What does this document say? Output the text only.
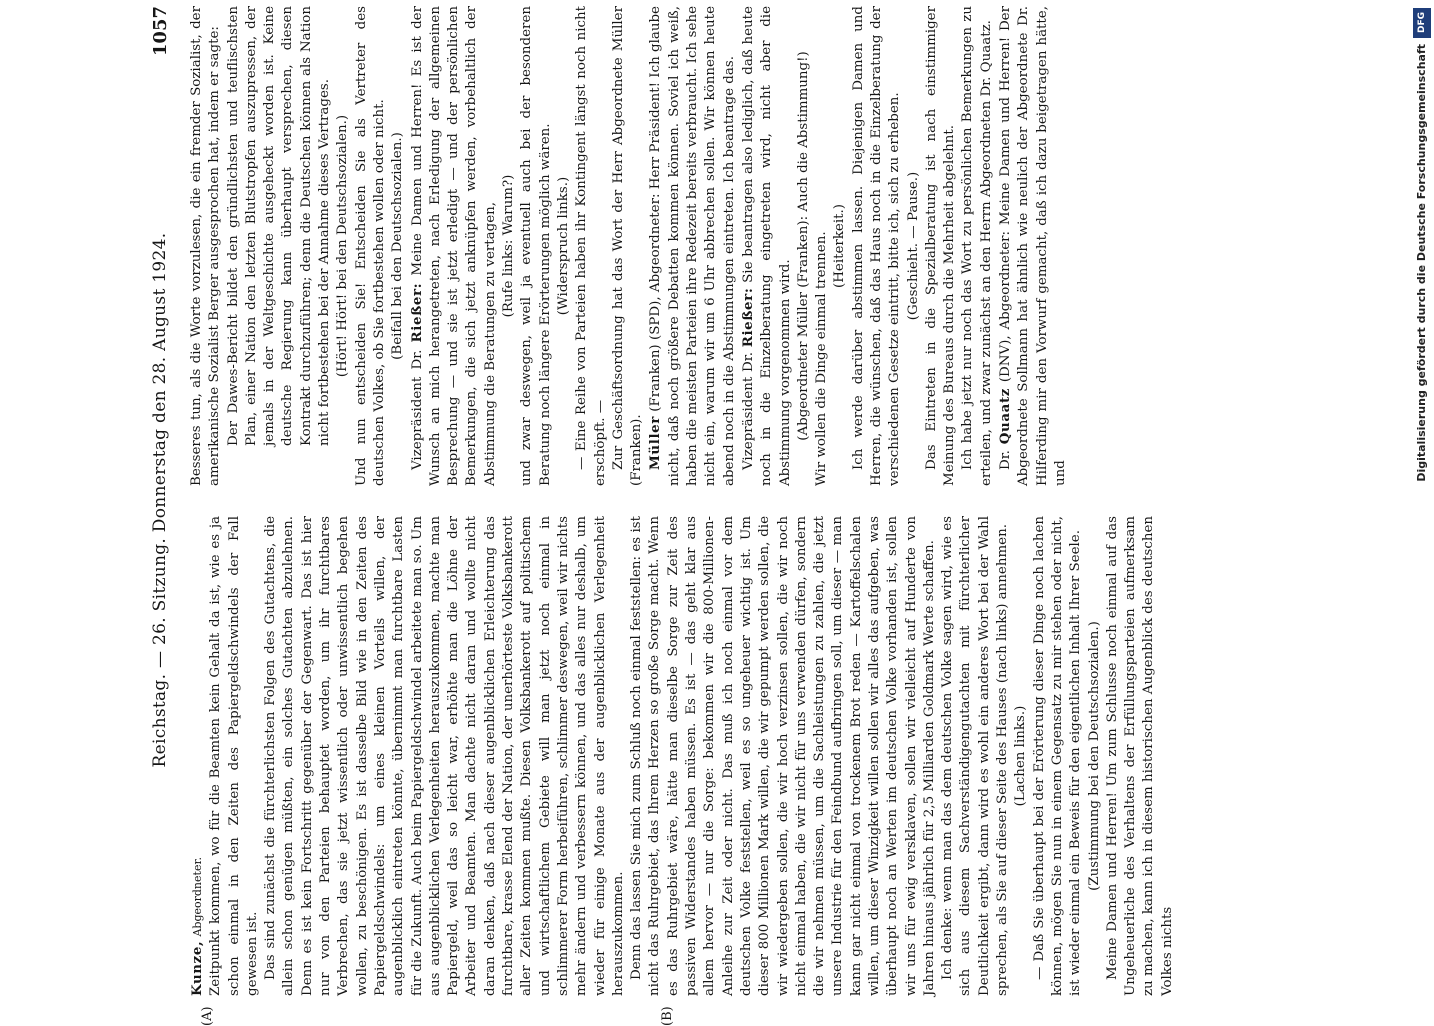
Reichstag. — 26. Sitzung. Donnerstag den 28. August 1924.
1057
(A)	(B)

Kunze, Abgeordneter. Zeitpunkt kommen, wo für die Beamten kein Gehalt da ist, wie es ja schon einmal in den Zeiten des Papiergeldschwindels der Fall gewesen ist. Das sind zunächst die fürchterlichsten Folgen des Gutachtens, die allein schon genügen müßten, ein solches Gutachten abzulehnen. Denn es ist kein Fortschritt gegenüber der Gegenwart. Das ist hier nur von den Parteien behauptet worden, um ihr furchtbares Verbrechen, das sie jetzt wissentlich oder unwissentlich begehen wollen, zu beschönigen. Es ist dasselbe Bild wie in den Zeiten des Papiergeldschwindels: um eines kleinen Vorteils willen, der augenblicklich eintreten könnte, übernimmt man furchtbare Lasten für die Zukunft. Auch beim Papiergeldschwindel arbeitete man so. Um aus augenblicklichen Verlegenheiten herauszukommen, machte man Papiergeld, weil das so leicht war, erhöhte man die Löhne der Arbeiter und Beamten. Man dachte nicht daran und wollte nicht daran denken, daß nach dieser augenblicklichen Erleichterung das furchtbare, krasse Elend der Nation, der unerhörteste Volksbankerott aller Zeiten kommen mußte. Diesen Volksbankerott auf politischem und wirtschaftlichem Gebiete will man jetzt noch einmal in schlimmerer Form herbeiführen, schlimmer deswegen, weil wir nichts mehr ändern und verbessern können, und das alles nur deshalb, um wieder für einige Monate aus der augenblicklichen Verlegenheit herauszukommen. Denn das lassen Sie mich zum Schluß noch einmal feststellen: es ist nicht das Ruhrgebiet, das Ihrem Herzen so große Sorge macht. Wenn es das Ruhrgebiet wäre, hätte man dieselbe Sorge zur Zeit des passiven Widerstandes haben müssen. Es ist — das geht klar aus allem hervor — nur die Sorge: bekommen wir die 800-Millionen-Anleihe zur Zeit oder nicht. Das muß ich noch einmal vor dem deutschen Volke feststellen, weil es so ungeheuer wichtig ist. Um dieser 800 Millionen Mark willen, die wir gepumpt werden sollen, die wir wiedergeben sollen, die wir hoch verzinsen sollen, die wir noch nicht einmal haben, die wir nicht für uns verwenden dürfen, sondern die wir nehmen müssen, um die Sachleistungen zu zahlen, die jetzt unsere Industrie für den Feindbund aufbringen soll, um dieser — man kann gar nicht einmal von trockenem Brot reden — Kartoffelschalen willen, um dieser Winzigkeit willen sollen wir alles das aufgeben, was überhaupt noch an Werten im deutschen Volke vorhanden ist, sollen wir uns für ewig versklaven, sollen wir vielleicht auf Hunderte von Jahren hinaus jährlich für 2,5 Milliarden Goldmark Werte schaffen. Ich denke: wenn man das dem deutschen Volke sagen wird, wie es sich aus diesem Sachverständigengutachten mit fürchterlicher Deutlichkeit ergibt, dann wird es wohl ein anderes Wort bei der Wahl sprechen, als Sie auf dieser Seite des Hauses (nach links) annehmen. (Lachen links.) — Daß Sie überhaupt bei der Erörterung dieser Dinge noch lachen können, mögen Sie nun in einem Gegensatz zu mir stehen oder nicht, ist wieder einmal ein Beweis für den eigentlichen Inhalt Ihrer Seele. (Zustimmung bei den Deutschsozialen.) Meine Damen und Herren! Um zum Schlusse noch einmal auf das Ungeheuerliche des Verhaltens der Erfüllungsparteien aufmerksam zu machen, kann ich in diesem historischen Augenblick des deutschen Volkes nichts

Besseres tun, als die Worte vorzulesen, die ein fremder Sozialist, der amerikanische Sozialist Berger ausgesprochen hat, indem er sagte: Der Dawes-Bericht bildet den gründlichsten und teuflischsten Plan, einer Nation den letzten Blutstropfen auszupressen, der jemals in der Weltgeschichte ausgeheckt worden ist. Keine deutsche Regierung kann überhaupt versprechen, diesen Kontrakt durchzuführen; denn die Deutschen können als Nation nicht fortbestehen bei der Annahme dieses Vertrages. (Hört! Hört! bei den Deutschsozialen.) Und nun entscheiden Sie! Entscheiden Sie als Vertreter des deutschen Volkes, ob Sie fortbestehen wollen oder nicht. (Beifall bei den Deutschsozialen.)

Vizepräsident Dr. Rießer: Meine Damen und Herren! Es ist der Wunsch an mich herangetreten, nach Erledigung der allgemeinen Besprechung — und sie ist jetzt erledigt — und der persönlichen Bemerkungen, die sich jetzt anknüpfen werden, vorbehaltlich der Abstimmung die Beratungen zu vertagen, (Rufe links: Warum?) und zwar deswegen, weil ja eventuell auch bei der besonderen Beratung noch längere Erörterungen möglich wären. (Widerspruch links.) — Eine Reihe von Parteien haben ihr Kontingent längst noch nicht erschöpft. — Zur Geschäftsordnung hat das Wort der Herr Abgeordnete Müller (Franken). Müller (Franken) (SPD), Abgeordneter: Herr Präsident! Ich glaube nicht, daß noch größere Debatten kommen können. Soviel ich weiß, haben die meisten Parteien ihre Redezeit bereits verbraucht. Ich sehe nicht ein, warum wir um 6 Uhr abbrechen sollen. Wir können heute abend noch in die Abstimmungen eintreten. Ich beantrage das. Vizepräsident Dr. Rießer: Sie beantragen also lediglich, daß heute noch in die Einzelberatung eingetreten wird, nicht aber die Abstimmung vorgenommen wird. (Abgeordneter Müller (Franken): Auch die Abstimmung!) Wir wollen die Dinge einmal trennen. (Heiterkeit.) Ich werde darüber abstimmen lassen. Diejenigen Damen und Herren, die wünschen, daß das Haus noch in die Einzelberatung der verschiedenen Gesetze eintritt, bitte ich, sich zu erheben. (Geschieht. — Pause.) Das Eintreten in die Spezialberatung ist nach einstimmiger Meinung des Bureaus durch die Mehrheit abgelehnt. Ich habe jetzt nur noch das Wort zu persönlichen Bemerkungen zu erteilen, und zwar zunächst an den Herrn Abgeordneten Dr. Quaatz. Dr. Quaatz (DNV), Abgeordneter: Meine Damen und Herren! Der Abgeordnete Sollmann hat ähnlich wie neulich der Abgeordnete Dr. Hilferding mir den Vorwurf gemacht, daß ich dazu beigetragen hätte, und

DFG
Digitalisierung gefördert durch die Deutsche Forschungsgemeinschaft
